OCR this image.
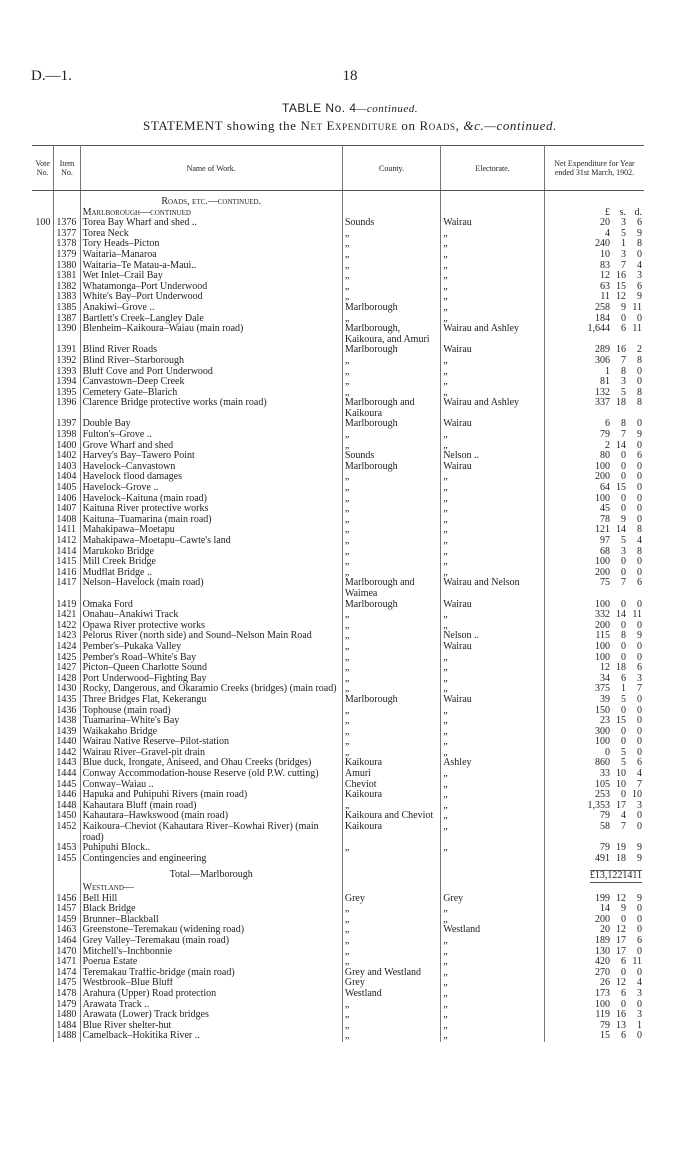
D.—1.	18
TABLE No. 4—continued.
STATEMENT showing the Net Expenditure on Roads, &c.—continued.
Vote No.	Item No.	Name of Work.	County.	Electorate.	Net Expenditure for Year ended 31st March, 1902.

		Roads, etc.—continued.			
		Marlborough—continued			£ s. d.

100	1376	Torea Bay Wharf and shed ..	Sounds	Wairau	20 3 6

	1377	Torea Neck	„	„	4 5 9

	1378	Tory Heads–Picton	„	„	240 1 8

	1379	Waitaria–Manaroa	„	„	10 3 0

	1380	Waitaria–Te Matau-a-Maui..	„	„	83 7 4

	1381	Wet Inlet–Crail Bay	„	„	12 16 3

	1382	Whatamonga–Port Underwood	„	„	63 15 6

	1383	White's Bay–Port Underwood	„	„	11 12 9

	1385	Anakiwi–Grove ..	Marlborough	„	258 9 11

	1387	Bartlett's Creek–Langley Dale	„	„	184 0 0

	1390	Blenheim–Kaikoura–Waiau (main road)	Marlborough, Kaikoura, and Amuri	Wairau and Ashley	1,644 6 11

	1391	Blind River Roads	Marlborough	Wairau	289 16 2

	1392	Blind River–Starborough	„	„	306 7 8

	1393	Bluff Cove and Port Underwood	„	„	1 8 0

	1394	Canvastown–Deep Creek	„	„	81 3 0

	1395	Cemetery Gate–Blarich	„	„	132 5 8

	1396	Clarence Bridge protective works (main road)	Marlborough and Kaikoura	Wairau and Ashley	337 18 8

	1397	Double Bay	Marlborough	Wairau	6 8 0

	1398	Fulton's–Grove ..	„	„	79 7 9

	1400	Grove Wharf and shed	„	„	2 14 0

	1402	Harvey's Bay–Tawero Point	Sounds	Nelson ..	80 0 6

	1403	Havelock–Canvastown	Marlborough	Wairau	100 0 0

	1404	Havelock flood damages	„	„	200 0 0

	1405	Havelock–Grove ..	„	„	64 15 0

	1406	Havelock–Kaituna (main road)	„	„	100 0 0

	1407	Kaituna River protective works	„	„	45 0 0

	1408	Kaituna–Tuamarina (main road)	„	„	78 9 0

	1411	Mahakipawa–Moetapu	„	„	121 14 8

	1412	Mahakipawa–Moetapu–Cawte's land	„	„	97 5 4

	1414	Marukoko Bridge	„	„	68 3 8

	1415	Mill Creek Bridge	„	„	100 0 0

	1416	Mudflat Bridge ..	„	„	200 0 0

	1417	Nelson–Havelock (main road)	Marlborough and Waimea	Wairau and Nelson	75 7 6

	1419	Omaka Ford	Marlborough	Wairau	100 0 0

	1421	Onahau–Anakiwi Track	„	„	332 14 11

	1422	Opawa River protective works	„	„	200 0 0

	1423	Pelorus River (north side) and Sound–Nelson Main Road	„	Nelson ..	115 8 9

	1424	Pember's–Pukaka Valley	„	Wairau	100 0 0

	1425	Pember's Road–White's Bay	„	„	100 0 0

	1427	Picton–Queen Charlotte Sound	„	„	12 18 6

	1428	Port Underwood–Fighting Bay	„	„	34 6 3

	1430	Rocky, Dangerous, and Okaramio Creeks (bridges) (main road)	„	„	375 1 7

	1435	Three Bridges Flat, Kekerangu	Marlborough	Wairau	39 5 0

	1436	Tophouse (main road)	„	„	150 0 0

	1438	Tuamarina–White's Bay	„	„	23 15 0

	1439	Waikakaho Bridge	„	„	300 0 0

	1440	Wairau Native Reserve–Pilot-station	„	„	100 0 0

	1442	Wairau River–Gravel-pit drain	„	„	0 5 0

	1443	Blue duck, Irongate, Aniseed, and Ohau Creeks (bridges)	Kaikoura	Ashley	860 5 6

	1444	Conway Accommodation-house Reserve (old P.W. cutting)	Amuri	„	33 10 4

	1445	Conway–Waiau ..	Cheviot	„	105 10 7

	1446	Hapuka and Puhipuhi Rivers (main road)	Kaikoura	„	253 0 10

	1448	Kahautara Bluff (main road)	„	„	1,353 17 3

	1450	Kahautara–Hawkswood (main road)	Kaikoura and Cheviot	„	79 4 0

	1452	Kaikoura–Cheviot (Kahautara River–Kowhai River) (main road)	Kaikoura	„	58 7 0

	1453	Puhipuhi Block..	„	„	79 19 9

	1455	Contingencies and engineering			491 18 9

		Total—Marlborough			£13,1221411
		Westland—			
	1456	Bell Hill	Grey	Grey	199 12 9

	1457	Black Bridge	„	„	14 9 0

	1459	Brunner–Blackball	„	„	200 0 0

	1463	Greenstone–Teremakau (widening road)	„	Westland	20 12 0

	1464	Grey Valley–Teremakau (main road)	„	„	189 17 6

	1470	Mitchell's–Inchbonnie	„	„	130 17 0

	1471	Poerua Estate	„	„	420 6 11

	1474	Teremakau Traffic-bridge (main road)	Grey and Westland	„	270 0 0

	1475	Westbrook–Blue Bluff	Grey	„	26 12 4

	1478	Arahura (Upper) Road protection	Westland	„	173 6 3

	1479	Arawata Track ..	„	„	100 0 0

	1480	Arawata (Lower) Track bridges	„	„	119 16 3

	1484	Blue River shelter-hut	„	„	79 13 1

	1488	Camelback–Hokitika River ..	„	„	15 6 0
